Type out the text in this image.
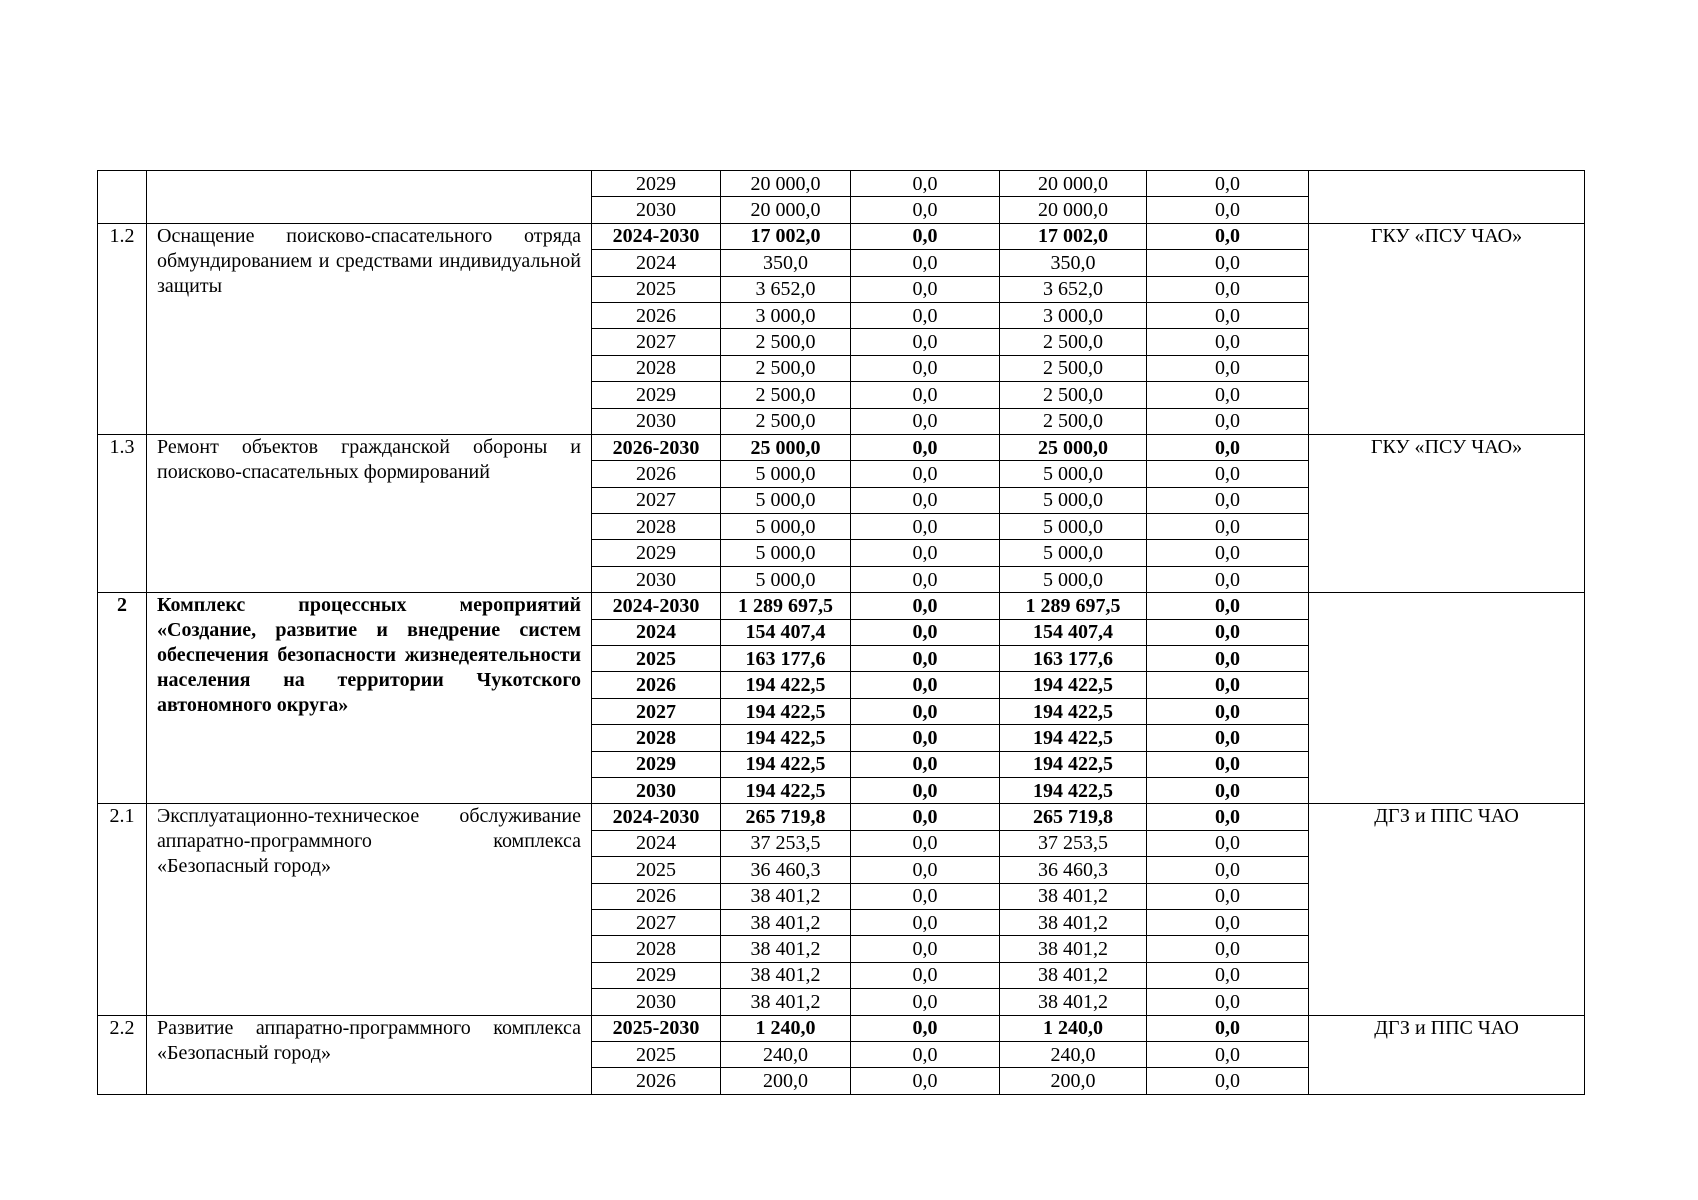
		2029	20 000,0	0,0	20 000,0	0,0	
		2030	20 000,0	0,0	20 000,0	0,0	
1.2	Оснащение поисково-спасательного отряда обмундированием и средствами индивидуальной защиты	2024-2030	17 002,0	0,0	17 002,0	0,0	ГКУ «ПСУ ЧАО»
		2024	350,0	0,0	350,0	0,0	
		2025	3 652,0	0,0	3 652,0	0,0	
		2026	3 000,0	0,0	3 000,0	0,0	
		2027	2 500,0	0,0	2 500,0	0,0	
		2028	2 500,0	0,0	2 500,0	0,0	
		2029	2 500,0	0,0	2 500,0	0,0	
		2030	2 500,0	0,0	2 500,0	0,0	
1.3	Ремонт объектов гражданской обороны и поисково-спасательных формирований	2026-2030	25 000,0	0,0	25 000,0	0,0	ГКУ «ПСУ ЧАО»
		2026	5 000,0	0,0	5 000,0	0,0	
		2027	5 000,0	0,0	5 000,0	0,0	
		2028	5 000,0	0,0	5 000,0	0,0	
		2029	5 000,0	0,0	5 000,0	0,0	
		2030	5 000,0	0,0	5 000,0	0,0	
2	Комплекс процессных мероприятий «Создание, развитие и внедрение систем обеспечения безопасности жизнедеятельности населения на территории Чукотского автономного округа»	2024-2030	1 289 697,5	0,0	1 289 697,5	0,0	
		2024	154 407,4	0,0	154 407,4	0,0	
		2025	163 177,6	0,0	163 177,6	0,0	
		2026	194 422,5	0,0	194 422,5	0,0	
		2027	194 422,5	0,0	194 422,5	0,0	
		2028	194 422,5	0,0	194 422,5	0,0	
		2029	194 422,5	0,0	194 422,5	0,0	
		2030	194 422,5	0,0	194 422,5	0,0	
2.1	Эксплуатационно-техническое обслуживание аппаратно-программного комплекса «Безопасный город»	2024-2030	265 719,8	0,0	265 719,8	0,0	ДГЗ и ППС ЧАО
		2024	37 253,5	0,0	37 253,5	0,0	
		2025	36 460,3	0,0	36 460,3	0,0	
		2026	38 401,2	0,0	38 401,2	0,0	
		2027	38 401,2	0,0	38 401,2	0,0	
		2028	38 401,2	0,0	38 401,2	0,0	
		2029	38 401,2	0,0	38 401,2	0,0	
		2030	38 401,2	0,0	38 401,2	0,0	
2.2	Развитие аппаратно-программного комплекса «Безопасный город»	2025-2030	1 240,0	0,0	1 240,0	0,0	ДГЗ и ППС ЧАО
		2025	240,0	0,0	240,0	0,0	
		2026	200,0	0,0	200,0	0,0	
